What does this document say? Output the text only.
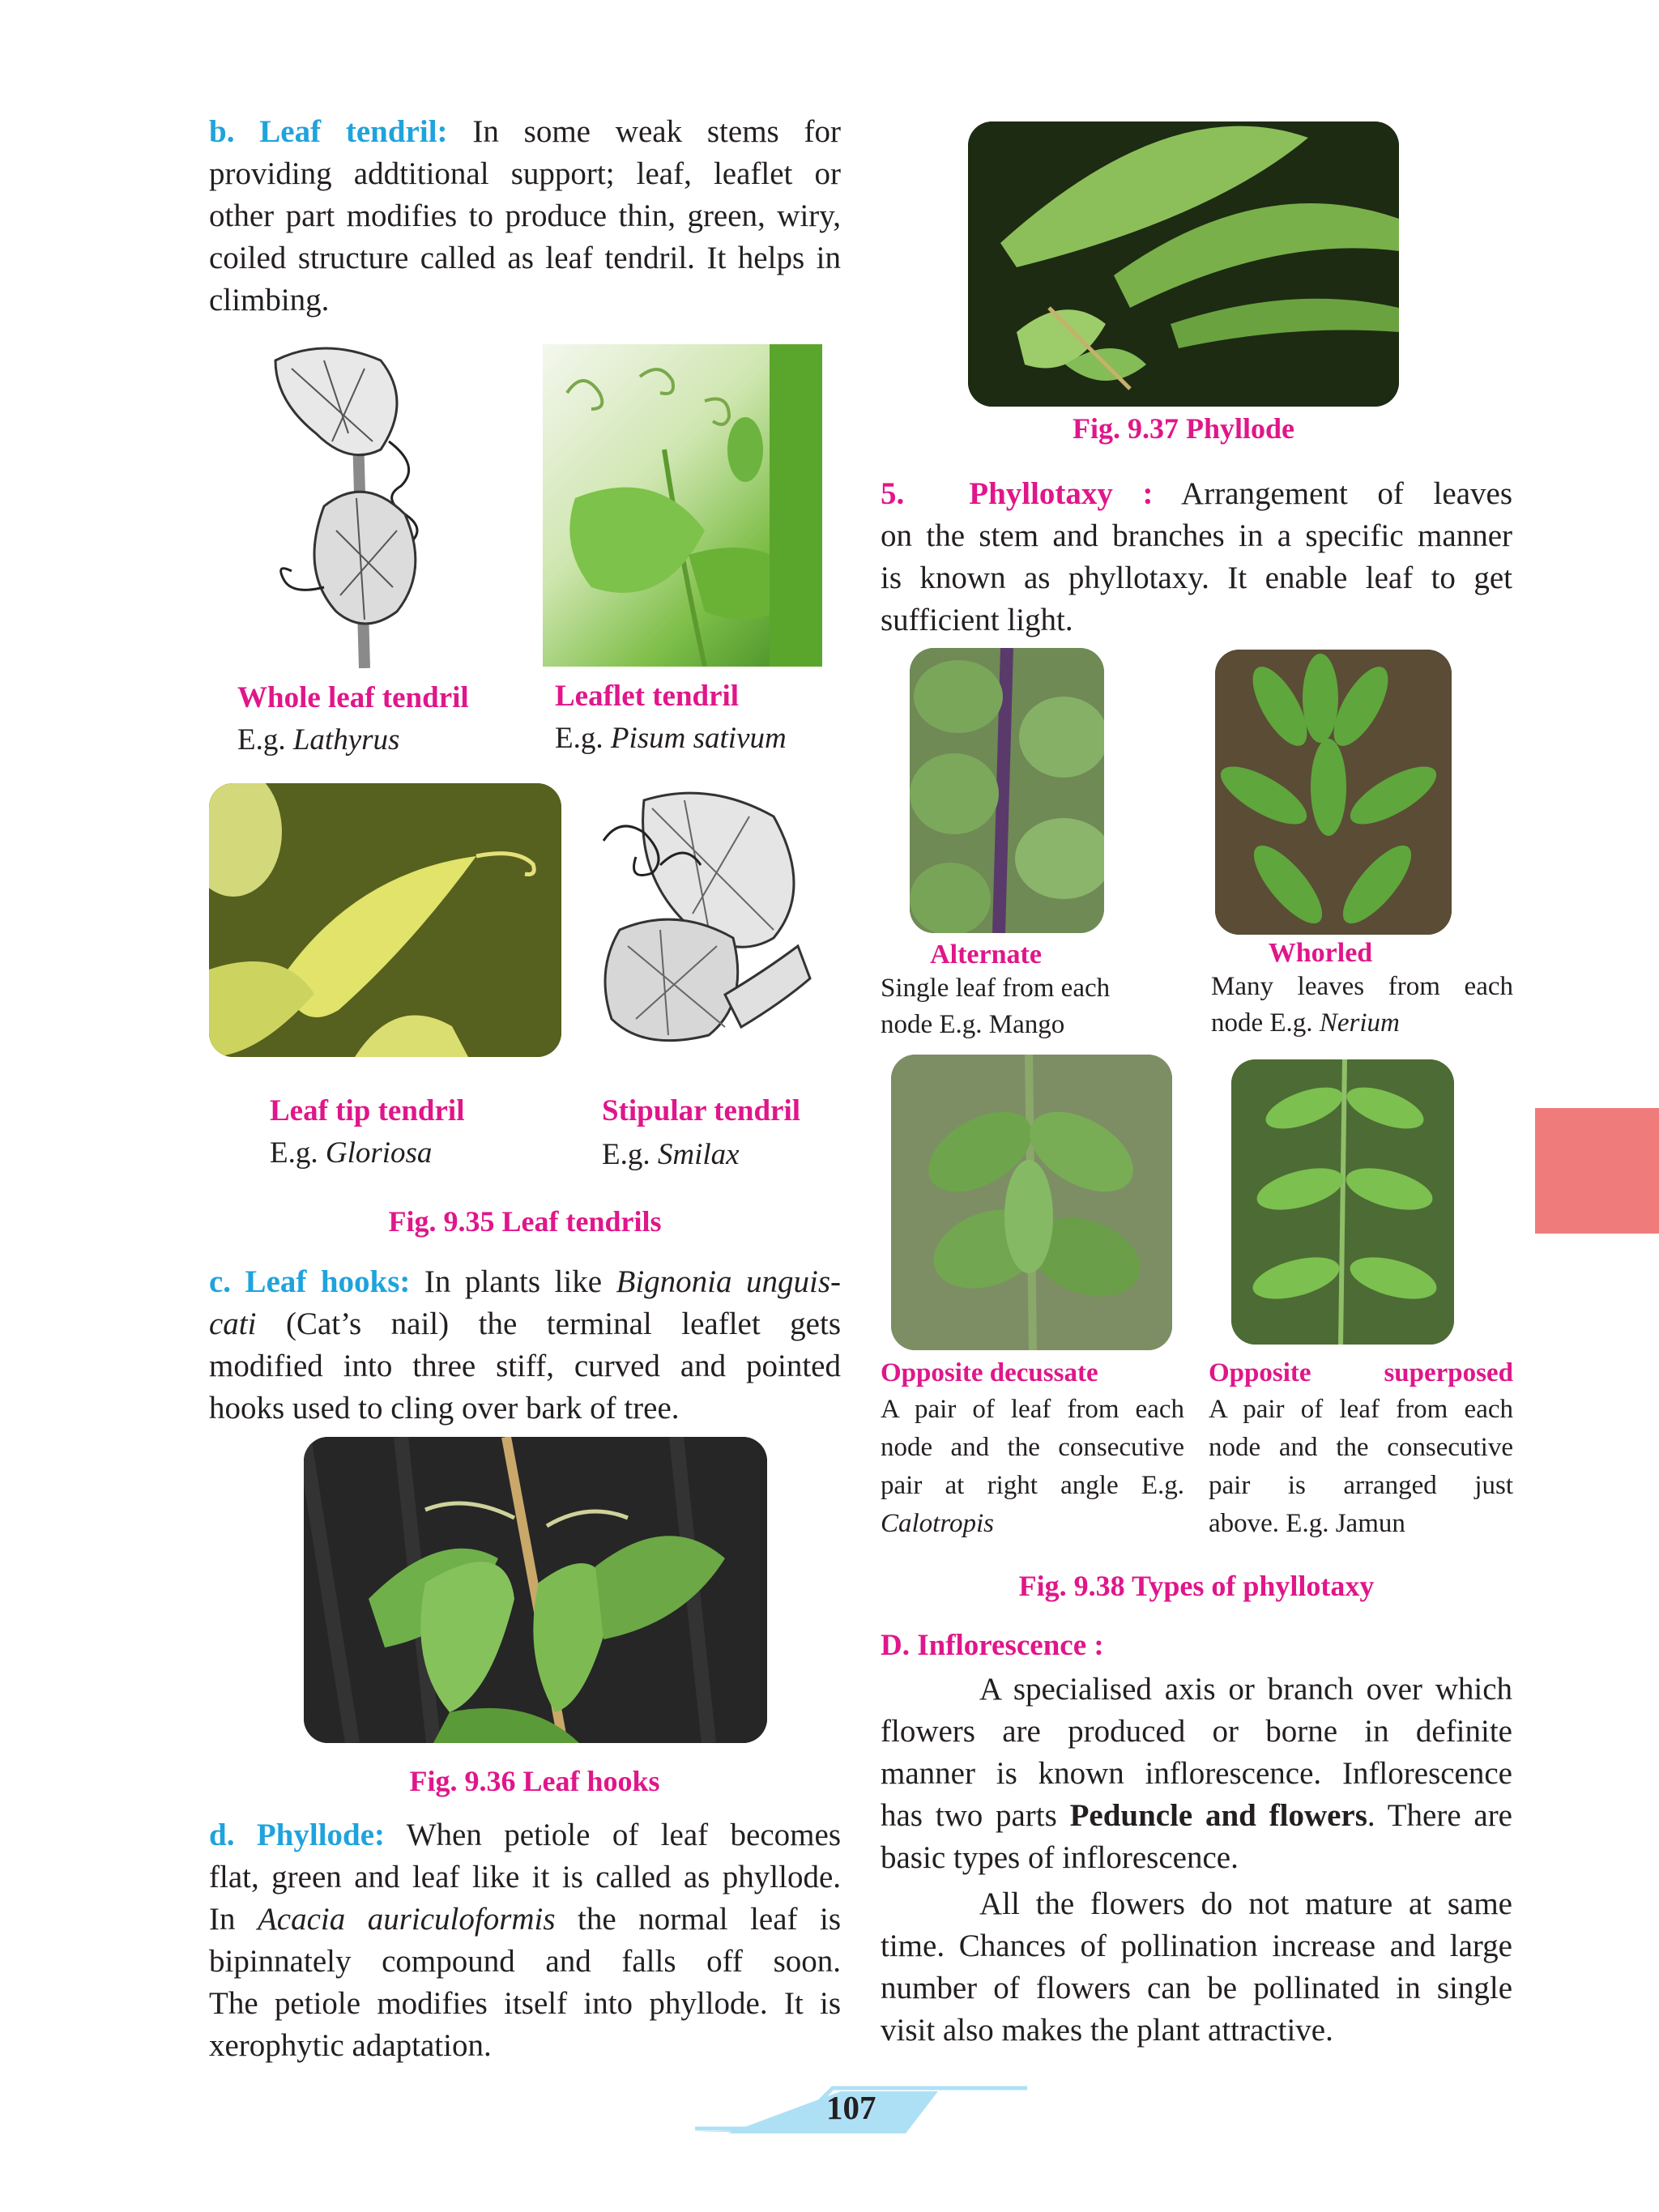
b. Leaf tendril: In some weak stems for
providing addtitional support; leaf, leaflet or
other part modifies to produce thin, green, wiry,
coiled structure called as leaf tendril. It helps in
climbing.
Whole leaf tendril
E.g. Lathyrus
Leaflet tendril
E.g. Pisum sativum
Leaf tip tendril
E.g. Gloriosa
Stipular tendril
E.g. Smilax
Fig. 9.35 Leaf tendrils
c. Leaf hooks: In plants like Bignonia unguis-
cati (Cat’s nail) the terminal leaflet gets
modified into three stiff, curved and pointed
hooks used to cling over bark of tree.
Fig. 9.36 Leaf hooks
d. Phyllode: When petiole of leaf becomes
flat, green and leaf like it is called as phyllode.
In Acacia auriculoformis the normal leaf is
bipinnately compound and falls off soon.
The petiole modifies itself into phyllode. It is
xerophytic adaptation.
Fig. 9.37 Phyllode
5. Phyllotaxy : Arrangement of leaves
on the stem and branches in a specific manner
is known as phyllotaxy. It enable leaf to get
sufficient light.
Alternate
Single leaf from each
node E.g. Mango
Whorled
Many leaves from each
node E.g. Nerium
Opposite decussate
A pair of leaf from each
node and the consecutive
pair at right angle E.g.
Calotropis
Opposite	superposed
A pair of leaf from each
node and the consecutive
pair is arranged just
above. E.g. Jamun
Fig. 9.38 Types of phyllotaxy
D. Inflorescence :
A specialised axis or branch over which
flowers are produced or borne in definite
manner is known inflorescence. Inflorescence
has two parts Peduncle and flowers. There are
basic types of inflorescence.
All the flowers do not mature at same
time. Chances of pollination increase and large
number of flowers can be pollinated in single
visit also makes the plant attractive.
107
